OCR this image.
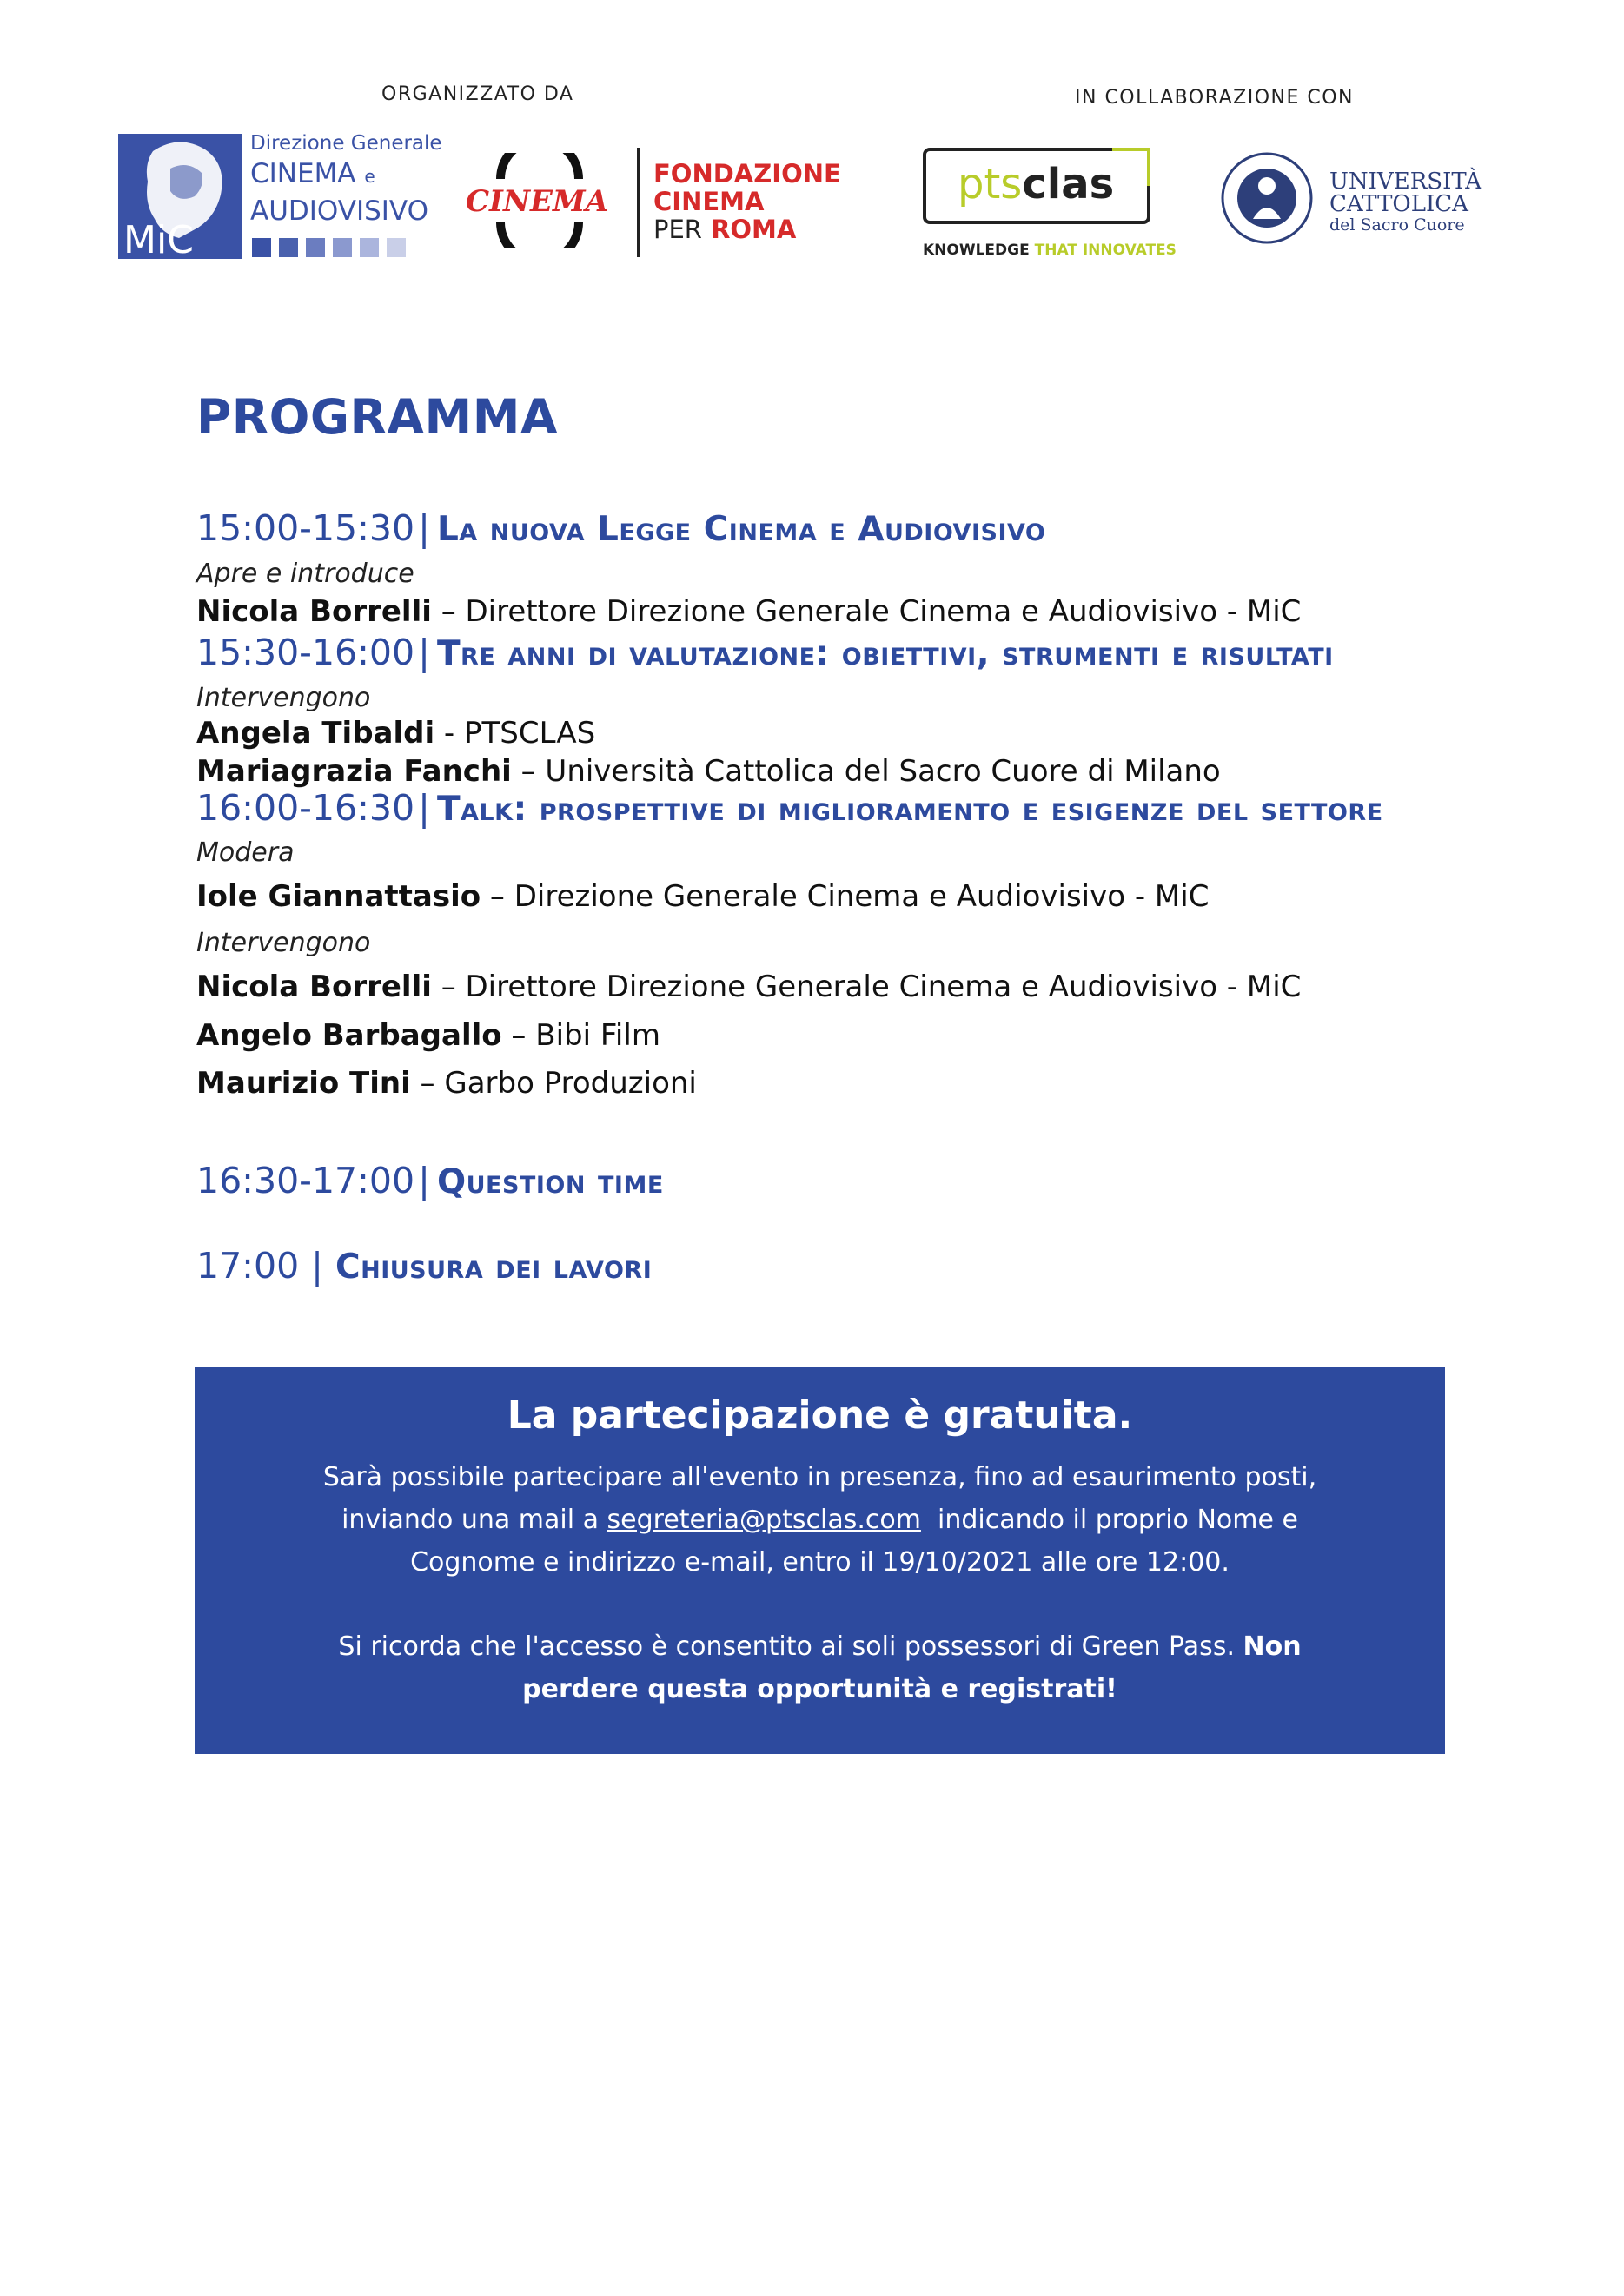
ORGANIZZATO DA	IN COLLABORAZIONE CON
MiC
Direzione Generale
CINEMA e
AUDIOVISIVO	CINEMA
FONDAZIONE
CINEMA
PER ROMA
ptsclas
KNOWLEDGE THAT INNOVATES
UNIVERSITÀ
CATTOLICA
del Sacro Cuore
PROGRAMMA
15:00-15:30| La nuova Legge Cinema e Audiovisivo
Apre e introduce
Nicola Borrelli – Direttore Direzione Generale Cinema e Audiovisivo - MiC
15:30-16:00| Tre anni di valutazione: obiettivi, strumenti e risultati
Intervengono
Angela Tibaldi - PTSCLAS
Mariagrazia Fanchi – Università Cattolica del Sacro Cuore di Milano
16:00-16:30| Talk: prospettive di miglioramento e esigenze del settore
Modera
Iole Giannattasio – Direzione Generale Cinema e Audiovisivo - MiC
Intervengono
Nicola Borrelli – Direttore Direzione Generale Cinema e Audiovisivo - MiC
Angelo Barbagallo – Bibi Film
Maurizio Tini – Garbo Produzioni
16:30-17:00| Question time
17:00 | Chiusura dei lavori
La partecipazione è gratuita.
Sarà possibile partecipare all'evento in presenza, fino ad esaurimento posti,
inviando una mail a segreteria@ptsclas.com  indicando il proprio Nome e
Cognome e indirizzo e-mail, entro il 19/10/2021 alle ore 12:00.
Si ricorda che l'accesso è consentito ai soli possessori di Green Pass. Non
perdere questa opportunità e registrati!
